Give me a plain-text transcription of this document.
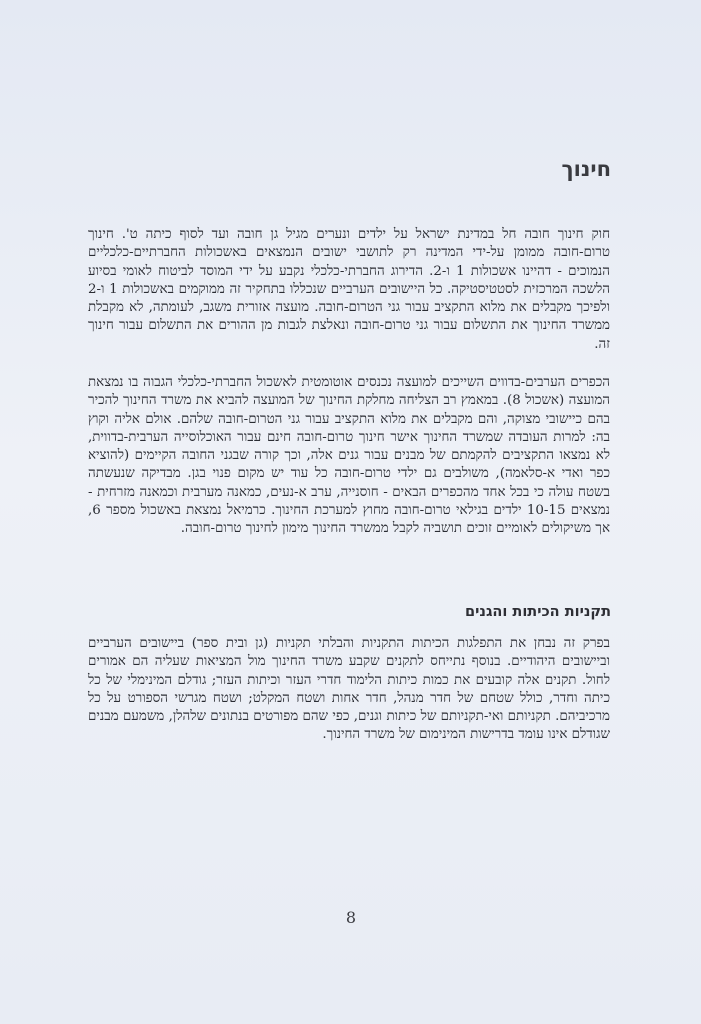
חינוך

חוק חינוך חובה חל במדינת ישראל על ילדים ונערים מגיל גן חובה ועד לסוף כיתה ט'. חינוך טרום-חובה ממומן על-ידי המדינה רק לתושבי ישובים הנמצאים באשכולות החברתיים-כלכליים הנמוכים - דהיינו אשכולות 1 ו-2. הדירוג החברתי-כלכלי נקבע על ידי המוסד לביטוח לאומי בסיוע הלשכה המרכזית לסטטיסטיקה. כל היישובים הערביים שנכללו בתחקיר זה ממוקמים באשכולות 1 ו-2 ולפיכך מקבלים את מלוא התקציב עבור גני הטרום-חובה. מועצה אזורית משגב, לעומתה, לא מקבלת ממשרד החינוך את התשלום עבור גני טרום-חובה ונאלצת לגבות מן ההורים את התשלום עבור חינוך זה.

הכפרים הערבים-בדווים השייכים למועצה נכנסים אוטומטית לאשכול החברתי-כלכלי הגבוה בו נמצאת המועצה (אשכול 8). במאמץ רב הצליחה מחלקת החינוך של המועצה להביא את משרד החינוך להכיר בהם כיישובי מצוקה, והם מקבלים את מלוא התקציב עבור גני הטרום-חובה שלהם. אולם אליה וקוץ בה: למרות העובדה שמשרד החינוך אישר חינוך טרום-חובה חינם עבור האוכלוסייה הערבית-בדווית, לא נמצאו התקציבים להקמתם של מבנים עבור גנים אלה, וכך קורה שבגני החובה הקיימים (להוציא כפר ואדי א-סלאמה), משולבים גם ילדי טרום-חובה כל עוד יש מקום פנוי בגן. מבדיקה שנעשתה בשטח עולה כי בכל אחד מהכפרים הבאים - חוסנייה, ערב א-נעים, כמאנה מערבית וכמאנה מזרחית - נמצאים 10-15 ילדים בגילאי טרום-חובה מחוץ למערכת החינוך. כרמיאל נמצאת באשכול מספר 6, אך משיקולים לאומיים זוכים תושביה לקבל ממשרד החינוך מימון לחינוך טרום-חובה.

תקניות הכיתות והגנים

בפרק זה נבחן את התפלגות הכיתות התקניות והבלתי תקניות (גן ובית ספר) ביישובים הערביים וביישובים היהודיים. בנוסף נתייחס לתקנים שקבע משרד החינוך מול המציאות שעליה הם אמורים לחול. תקנים אלה קובעים את כמות כיתות הלימוד חדרי העזר וכיתות העזר; גודלם המינימלי של כל כיתה וחדר, כולל שטחם של חדר מנהל, חדר אחות ושטח המקלט; ושטח מגרשי הספורט על כל מרכיביהם. תקניותם ואי-תקניותם של כיתות וגנים, כפי שהם מפורטים בנתונים שלהלן, משמעם מבנים שגודלם אינו עומד בדרישות המינימום של משרד החינוך.

8
